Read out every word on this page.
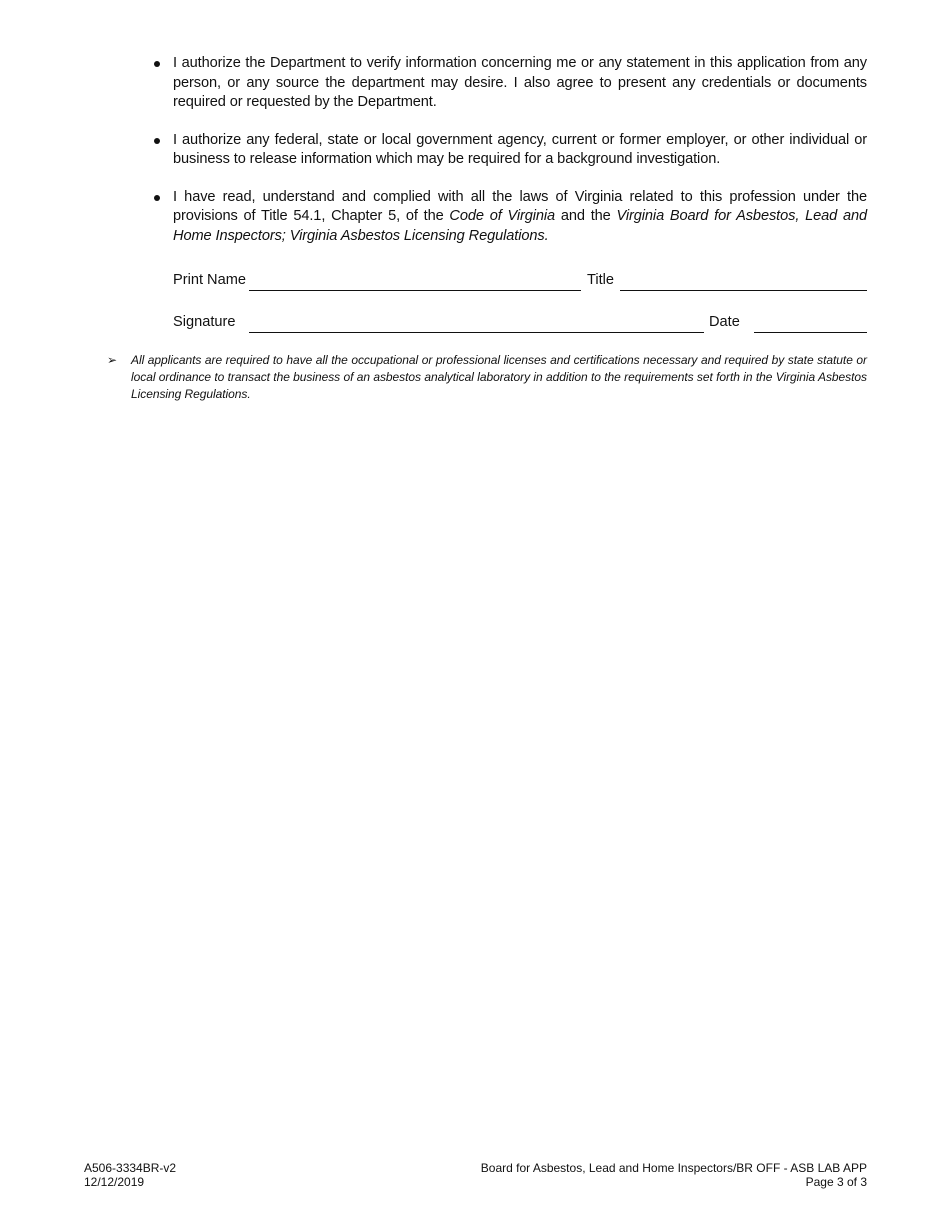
I authorize the Department to verify information concerning me or any statement in this application from any person, or any source the department may desire. I also agree to present any credentials or documents required or requested by the Department.
I authorize any federal, state or local government agency, current or former employer, or other individual or business to release information which may be required for a background investigation.
I have read, understand and complied with all the laws of Virginia related to this profession under the provisions of Title 54.1, Chapter 5, of the Code of Virginia and the Virginia Board for Asbestos, Lead and Home Inspectors; Virginia Asbestos Licensing Regulations.
Print Name	Title
Signature	Date
➢ All applicants are required to have all the occupational or professional licenses and certifications necessary and required by state statute or local ordinance to transact the business of an asbestos analytical laboratory in addition to the requirements set forth in the Virginia Asbestos Licensing Regulations.
A506-3334BR-v2
12/12/2019
Board for Asbestos, Lead and Home Inspectors/BR OFF - ASB LAB APP
Page 3 of 3
